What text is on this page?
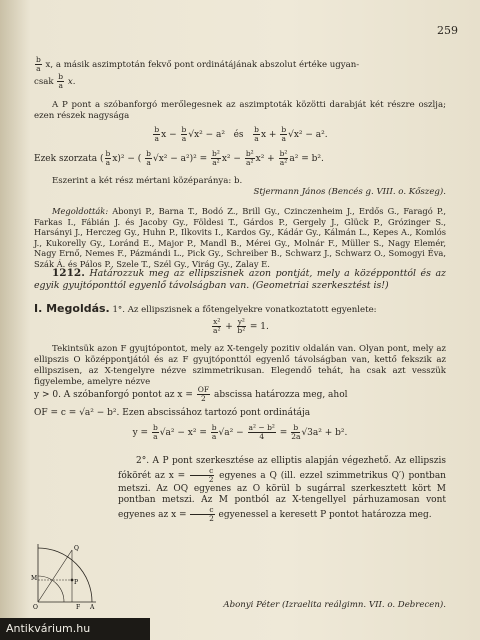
259
$\frac{b}{a} x$, a másik aszimptotán fekvő pont ordinátájának abszolut értéke ugyan-
csak $\frac{b}{a} x$.
A P pont a szóbanforgó merőlegesnek az aszimptoták közötti darabját két részre oszlja; ezen részek nagysága
$\frac{b}{a}$ $x - \frac{b}{a} √x^2 - a^2$ és $\frac{b}{a}$ $x + \frac{b}{a} √x^2 - a^2$.
Ezek szorzata ( $\frac{b}{a} x)^2$ − ( $\frac{b}{a} √x^2 - a^2)^2 = \frac{\text{b²}}{\text{a²}} x^2 - \frac{\text{b²}}{\text{a²}} x^2 + \frac{\text{b²}}{\text{a²}} a^2 = b^2$.
Eszerint a két rész mértani középaránya: b.
Stjermann János (Bencés g. VIII. o. Kőszeg).
Megoldották: Abonyi P., Barna T., Bodó Z., Brill Gy., Czinczenheim J., Erdős G., Faragó P., Farkas I., Fábián J. és Jacoby Gy., Földesi T., Gárdos P., Gergely J., Glück P., Grózinger S., Harsányi J., Herczeg Gy., Huhn P., Ilkovits I., Kardos Gy., Kádár Gy., Kálmán L., Kepes A., Komlós J., Kukorelly Gy., Loránd E., Major P., Mandl B., Mérei Gy., Molnár F., Müller S., Nagy Elemér, Nagy Ernő, Nemes F., Pázmándi L., Pick Gy., Schreiber B., Schwarz J., Schwarz O., Somogyi Éva, Szák Á. és Pálos P., Szele T., Szél Gy., Virág Gy., Zalay E.
1212. Határozzuk meg az ellipszisnek azon pontját, mely a középponttól és az egyik gyujtóponttól egyenlő távolságban van. (Geometriai szerkesztést is!)
I. Megoldás. 1°. Az ellipszisnek a főtengelyekre vonatkoztatott egyenlete:
$\frac{\text{x²}}{\text{a²}} + \frac{\text{y²}}{\text{b²}} = 1$.
Tekintsük azon F gyujtópontot, mely az X-tengely pozitiv oldalán van. Olyan pont, mely az ellipszis O középpontjától és az F gyujtóponttól egyenlő távolságban van, kettő fekszik az ellipszisen, az X-tengelyre nézve szimmetrikusan. Elegendő tehát, ha csak azt vesszük figyelembe, amelyre nézve
y > 0. A szóbanforgó pontot az $x = \frac{OF}{2}$ abscissa határozza meg, ahol
OF = c = √a² − b². Ezen abscissához tartozó pont ordinátája
$y = \frac{b}{a} √a^2 - x^2 = \frac{b}{a} √a^2 - \frac{\text{a² − b²}}{4} = \frac{b}{2a} √3a^2 + b^2$.
Q
M
P
O	F A
2°. A P pont szerkesztése az elliptis alapján végezhető. Az ellipszis fókörét az $x = \frac{c}{2}$ egyenes a Q (ill. ezzel szimmetrikus Q′) pontban metszi. Az OQ egyenes az O körül b sugárral szerkesztett kört M pontban metszi. Az M pontból az X-tengellyel párhuzamosan vont egyenes az $x = \frac{c}{2}$ egyenessel a keresett P pontot határozza meg.
Abonyi Péter (Izraelita reálgimn. VII. o. Debrecen).
Antikvárium.hu
